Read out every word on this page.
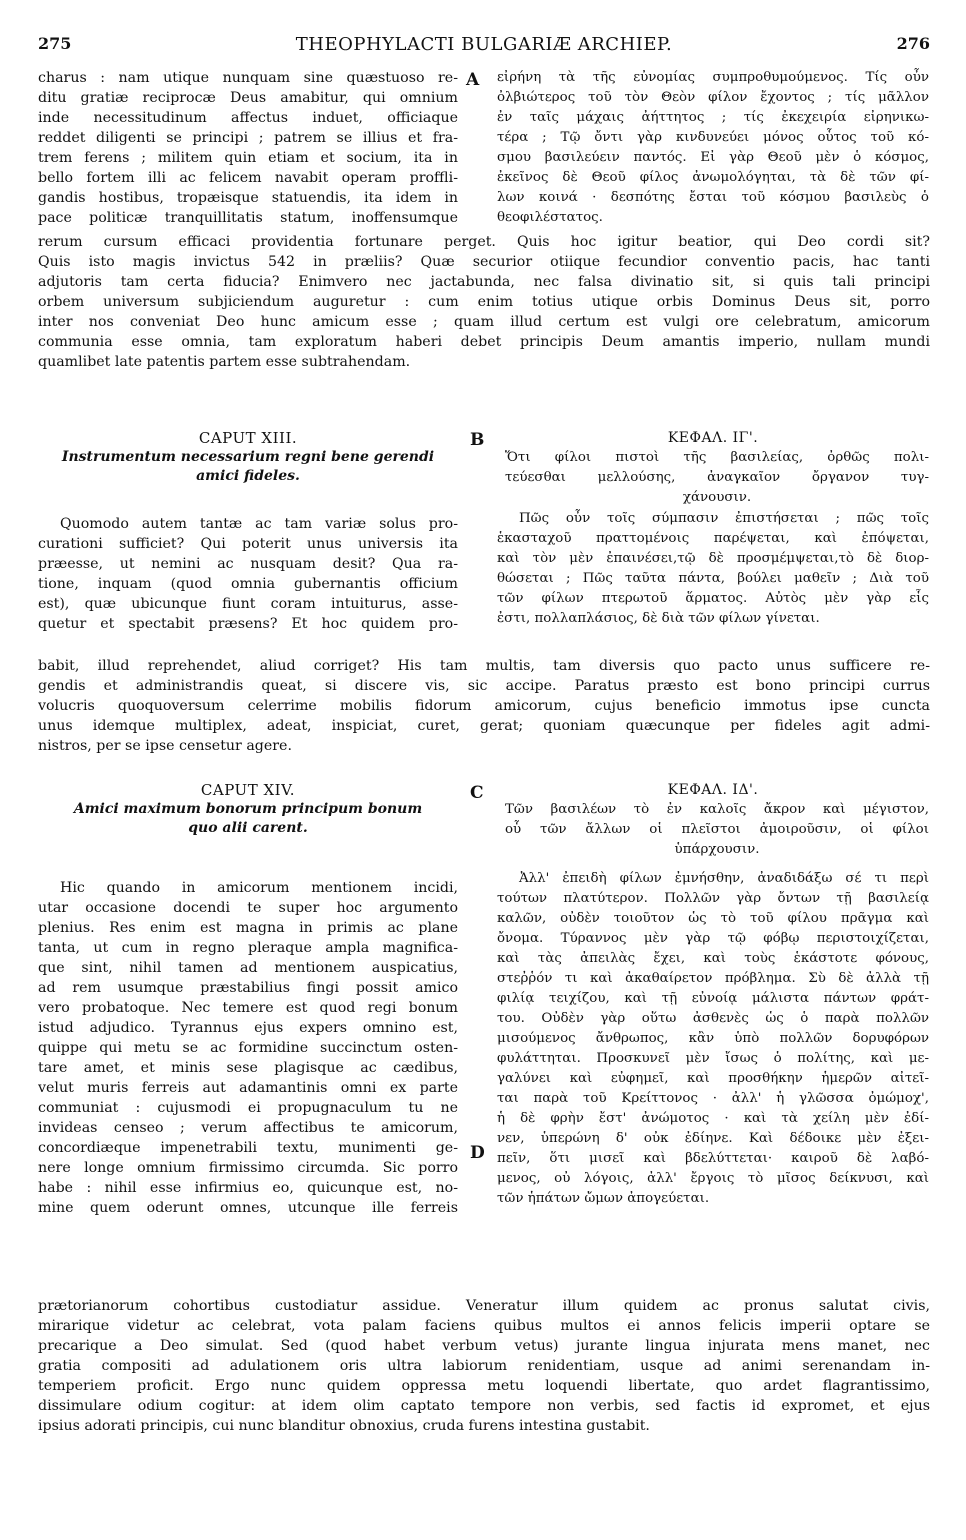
275	THEOPHYLACTI BULGARIÆ ARCHIEP.	276
A
B
C
D
charus : nam utique nunquam sine quæstuoso re-
ditu gratiæ reciprocæ Deus amabitur, qui omnium
inde necessitudinum affectus induet, officiaque
reddet diligenti se principi ; patrem se illius et fra-
trem ferens ; militem quin etiam et socium, ita in
bello fortem illi ac felicem navabit operam proffli-
gandis hostibus, tropæisque statuendis, ita idem in
pace politicæ tranquillitatis statum, inoffensumque
εἰρήνη τὰ τῆς εὐνομίας συμπροθυμούμενος. Τίς οὖν
ὀλβιώτερος τοῦ τὸν Θεὸν φίλον ἔχοντος ; τίς μᾶλλον
ἐν ταῖς μάχαις ἀήττητος ; τίς ἐκεχειρία εἰρηνικω-
τέρα ; Τῷ ὄντι γὰρ κινδυνεύει μόνος οὗτος τοῦ κό-
σμου βασιλεύειν παντός. Εἰ γὰρ Θεοῦ μὲν ὁ κόσμος,
ἐκεῖνος δὲ Θεοῦ φίλος ἀνωμολόγηται, τὰ δὲ τῶν φί-
λων κοινά · δεσπότης ἔσται τοῦ κόσμου βασιλεὺς ὁ
θεοφιλέστατος.
rerum cursum efficaci providentia fortunare perget. Quis hoc igitur beatior, qui Deo cordi sit?
Quis isto magis invictus 542 in præliis? Quæ securior otiique fecundior conventio pacis, hac tanti
adjutoris tam certa fiducia? Enimvero nec jactabunda, nec falsa divinatio sit, si quis tali principi
orbem universum subjiciendum auguretur : cum enim totius utique orbis Dominus Deus sit, porro
inter nos conveniat Deo hunc amicum esse ; quam illud certum est vulgi ore celebratum, amicorum
communia esse omnia, tam exploratum haberi debet principis Deum amantis imperio, nullam mundi
quamlibet late patentis partem esse subtrahendam.
CAPUT XIII.
Instrumentum necessarium regni bene gerendi
amici fideles.
Quomodo autem tantæ ac tam variæ solus pro-
curationi sufficiet? Qui poterit unus universis ita
præesse, ut nemini ac nusquam desit? Qua ra-
tione, inquam (quod omnia gubernantis officium
est), quæ ubicunque fiunt coram intuiturus, asse-
quetur et spectabit præsens? Et hoc quidem pro-
ΚΕΦΑΛ. ΙΓ'.
Ὅτι φίλοι πιστοὶ τῆς βασιλείας, ὀρθῶς πολι-
τεύεσθαι μελλούσης, ἀναγκαῖον ὄργανον τυγ-
χάνουσιν.
Πῶς οὖν τοῖς σύμπασιν ἐπιστήσεται ; πῶς τοῖς
ἑκασταχοῦ πραττομένοις παρέψεται, καὶ ἐπόψεται,
καὶ τὸν μὲν ἐπαινέσει,τῷ δὲ προσμέμψεται,τὸ δὲ διορ-
θώσεται ; Πῶς ταῦτα πάντα, βούλει μαθεῖν ; Διὰ τοῦ
τῶν φίλων πτερωτοῦ ἅρματος. Αὐτὸς μὲν γὰρ εἷς
ἐστι, πολλαπλάσιος, δὲ διὰ τῶν φίλων γίνεται.
babit, illud reprehendet, aliud corriget? His tam multis, tam diversis quo pacto unus sufficere re-
gendis et administrandis queat, si discere vis, sic accipe. Paratus præsto est bono principi currus
volucris quoquoversum celerrime mobilis fidorum amicorum, cujus beneficio immotus ipse cuncta
unus idemque multiplex, adeat, inspiciat, curet, gerat; quoniam quæcunque per fideles agit admi-
nistros, per se ipse censetur agere.
CAPUT XIV.
Amici maximum bonorum principum bonum
quo alii carent.
Hic quando in amicorum mentionem incidi,
utar occasione docendi te super hoc argumento
plenius. Res enim est magna in primis ac plane
tanta, ut cum in regno pleraque ampla magnifica-
que sint, nihil tamen ad mentionem auspicatius,
ad rem usumque præstabilius fingi possit amico
vero probatoque. Nec temere est quod regi bonum
istud adjudico. Tyrannus ejus expers omnino est,
quippe qui metu se ac formidine succinctum osten-
tare amet, et minis sese plagisque ac cædibus,
velut muris ferreis aut adamantinis omni ex parte
communiat : cujusmodi ei propugnaculum tu ne
invideas censeo ; verum affectibus te amicorum,
concordiæque impenetrabili textu, munimenti ge-
nere longe omnium firmissimo circumda. Sic porro
habe : nihil esse infirmius eo, quicunque est, no-
mine quem oderunt omnes, utcunque ille ferreis
ΚΕΦΑΛ. ΙΔ'.
Τῶν βασιλέων τὸ ἐν καλοῖς ἄκρον καὶ μέγιστον,
οὗ τῶν ἄλλων οἱ πλεῖστοι ἀμοιροῦσιν, οἱ φίλοι
ὑπάρχουσιν.
Ἀλλ' ἐπειδὴ φίλων ἐμνήσθην, ἀναδιδάξω σέ τι περὶ
τούτων πλατύτερον. Πολλῶν γὰρ ὄντων τῇ βασιλείᾳ
καλῶν, οὐδὲν τοιοῦτον ὡς τὸ τοῦ φίλου πρᾶγμα καὶ
ὄνομα. Τύραννος μὲν γὰρ τῷ φόβῳ περιστοιχίζεται,
καὶ τὰς ἀπειλὰς ἔχει, καὶ τοὺς ἑκάστοτε φόνους,
στεῤῥόν τι καὶ ἀκαθαίρετον πρόβλημα. Σὺ δὲ ἀλλὰ τῇ
φιλίᾳ τειχίζου, καὶ τῇ εὐνοίᾳ μάλιστα πάντων φράτ-
του. Οὐδὲν γὰρ οὕτω ἀσθενὲς ὡς ὁ παρὰ πολλῶν
μισούμενος ἄνθρωπος, κἂν ὑπὸ πολλῶν δορυφόρων
φυλάττηται. Προσκυνεῖ μὲν ἴσως ὁ πολίτης, καὶ με-
γαλύνει καὶ εὐφημεῖ, καὶ προσθήκην ἡμερῶν αἰτεῖ-
ται παρὰ τοῦ Κρείττονος · ἀλλ' ἡ γλῶσσα ὀμώμοχ',
ἡ δὲ φρὴν ἔστ' ἀνώμοτος · καὶ τὰ χείλη μὲν ἐδί-
νεν, ὑπερώνη δ' οὐκ ἐδίηνε. Καὶ δέδοικε μὲν ἐξει-
πεῖν, ὅτι μισεῖ καὶ βδελύττεται· καιροῦ δὲ λαβό-
μενος, οὐ λόγοις, ἀλλ' ἔργοις τὸ μῖσος δείκνυσι, καὶ
τῶν ἡπάτων ὤμων ἀπογεύεται.
prætorianorum cohortibus custodiatur assidue. Veneratur illum quidem ac pronus salutat civis,
mirarique videtur ac celebrat, vota palam faciens quibus multos ei annos felicis imperii optare se
precarique a Deo simulat. Sed (quod habet verbum vetus) jurante lingua injurata mens manet, nec
gratia compositi ad adulationem oris ultra labiorum renidentiam, usque ad animi serenandam in-
temperiem proficit. Ergo nunc quidem oppressa metu loquendi libertate, quo ardet flagrantissimo,
dissimulare odium cogitur: at idem olim captato tempore non verbis, sed factis id expromet, et ejus
ipsius adorati principis, cui nunc blanditur obnoxius, cruda furens intestina gustabit.
